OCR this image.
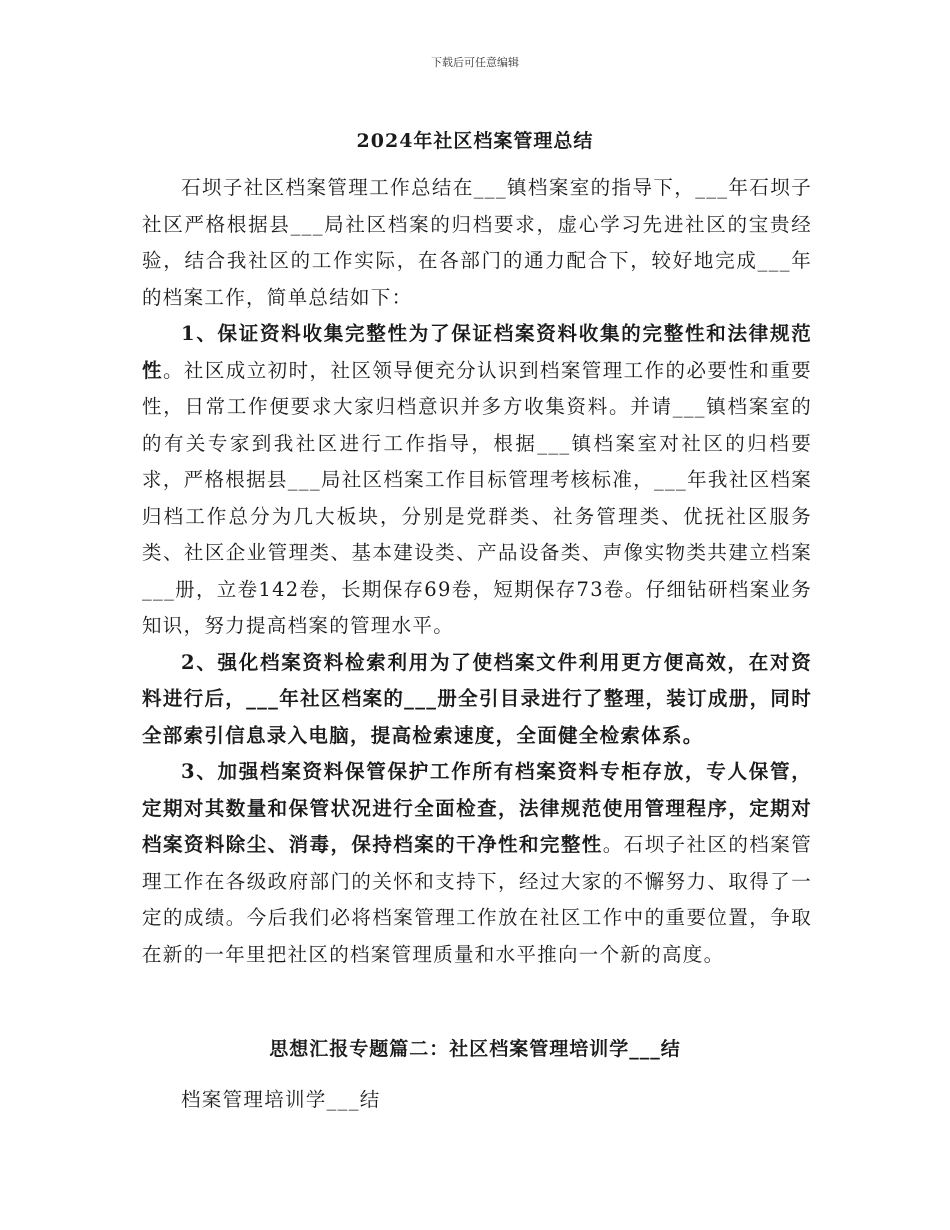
下载后可任意编辑
2024年社区档案管理总结

石坝子社区档案管理工作总结在___镇档案室的指导下，___年石坝子社区严格根据县___局社区档案的归档要求，虚心学习先进社区的宝贵经验，结合我社区的工作实际，在各部门的通力配合下，较好地完成___年的档案工作，简单总结如下：

1、保证资料收集完整性为了保证档案资料收集的完整性和法律规范性。社区成立初时，社区领导便充分认识到档案管理工作的必要性和重要性，日常工作便要求大家归档意识并多方收集资料。并请___镇档案室的的有关专家到我社区进行工作指导，根据___镇档案室对社区的归档要求，严格根据县___局社区档案工作目标管理考核标准，___年我社区档案归档工作总分为几大板块，分别是党群类、社务管理类、优抚社区服务类、社区企业管理类、基本建设类、产品设备类、声像实物类共建立档案___册，立卷142卷，长期保存69卷，短期保存73卷。仔细钻研档案业务知识，努力提高档案的管理水平。

2、强化档案资料检索利用为了使档案文件利用更方便高效，在对资料进行后，___年社区档案的___册全引目录进行了整理，装订成册，同时全部索引信息录入电脑，提高检索速度，全面健全检索体系。

3、加强档案资料保管保护工作所有档案资料专柜存放，专人保管，定期对其数量和保管状况进行全面检查，法律规范使用管理程序，定期对档案资料除尘、消毒，保持档案的干净性和完整性。石坝子社区的档案管理工作在各级政府部门的关怀和支持下，经过大家的不懈努力、取得了一定的成绩。今后我们必将档案管理工作放在社区工作中的重要位置，争取在新的一年里把社区的档案管理质量和水平推向一个新的高度。

思想汇报专题篇二：社区档案管理培训学___结
档案管理培训学___结
